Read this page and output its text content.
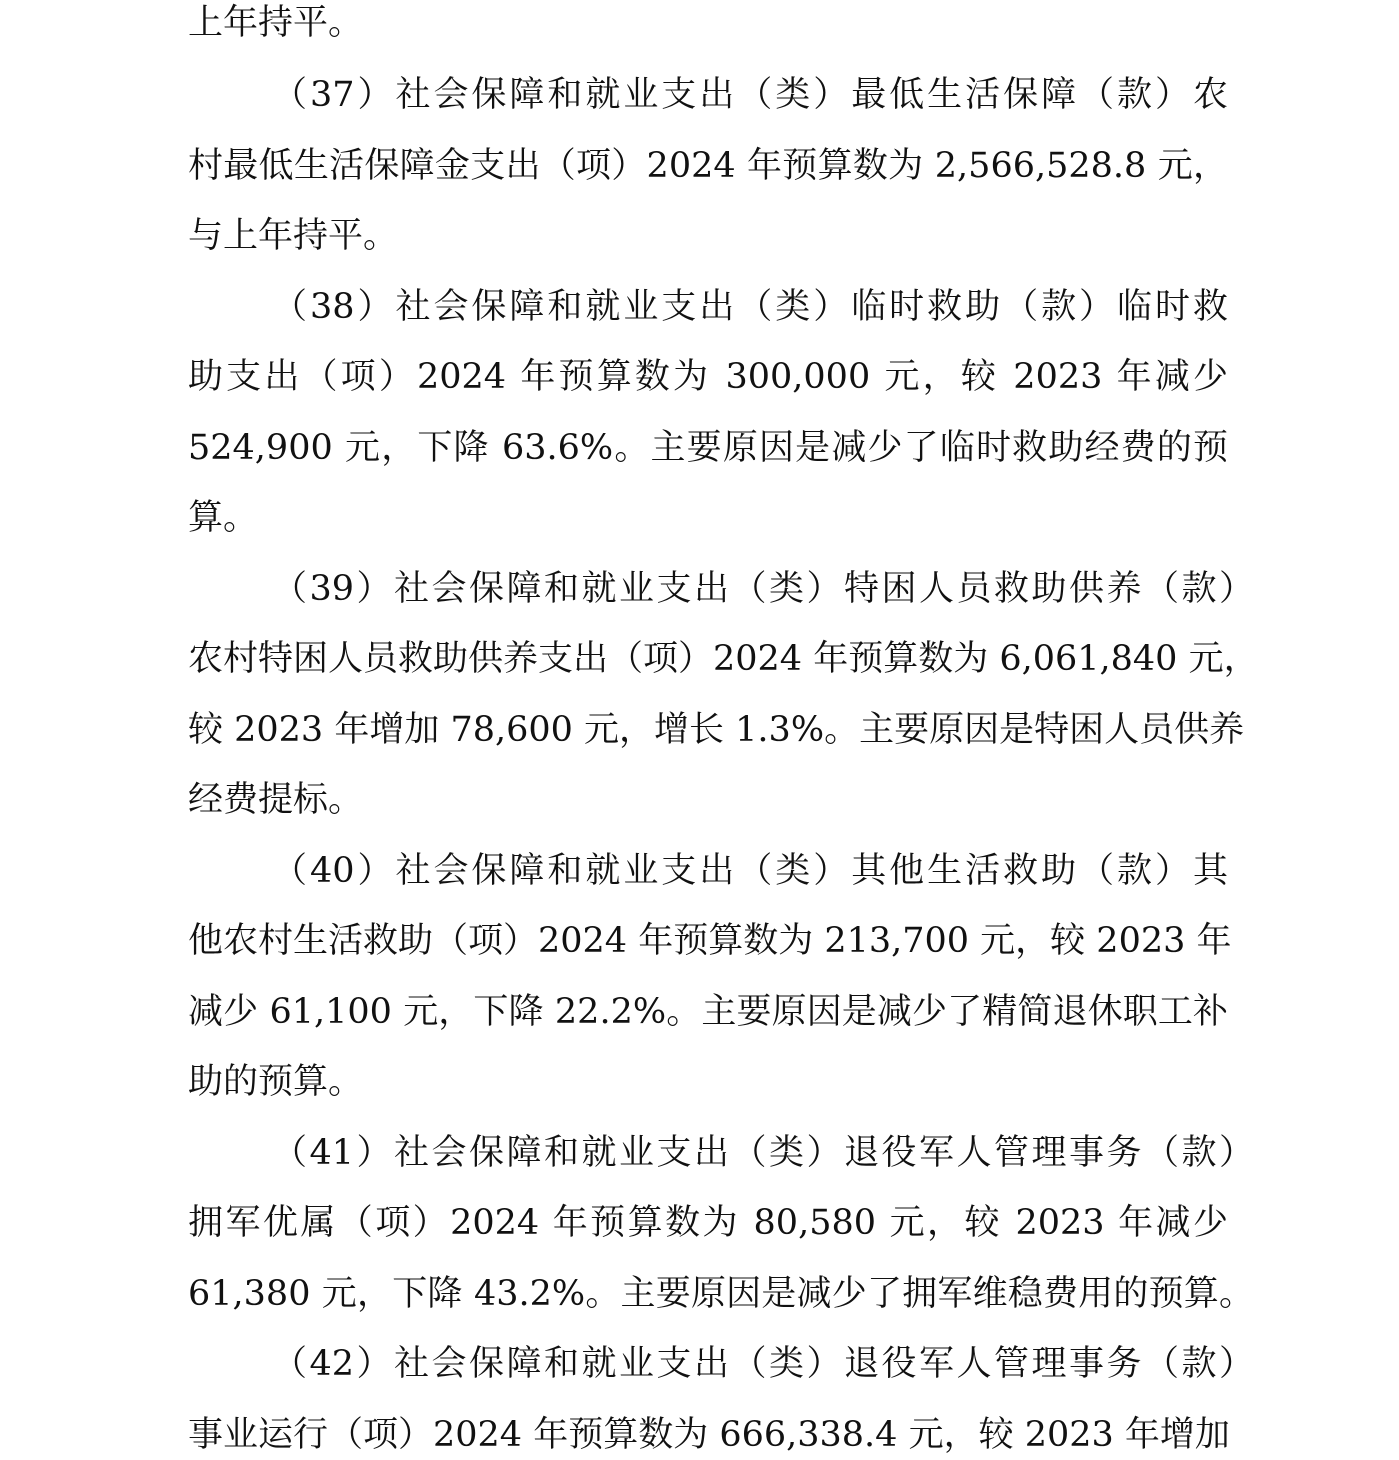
上年持平。
（37）社会保障和就业支出（类）最低生活保障（款）农
村最低生活保障金支出（项）2024 年预算数为 2,566,528.8 元，
与上年持平。
（38）社会保障和就业支出（类）临时救助（款）临时救
助支出（项）2024 年预算数为 300,000 元，较 2023 年减少
524,900 元，下降 63.6%。主要原因是减少了临时救助经费的预
算。
（39）社会保障和就业支出（类）特困人员救助供养（款）
农村特困人员救助供养支出（项）2024 年预算数为 6,061,840 元，
较 2023 年增加 78,600 元，增长 1.3%。主要原因是特困人员供养
经费提标。
（40）社会保障和就业支出（类）其他生活救助（款）其
他农村生活救助（项）2024 年预算数为 213,700 元，较 2023 年
减少 61,100 元，下降 22.2%。主要原因是减少了精简退休职工补
助的预算。
（41）社会保障和就业支出（类）退役军人管理事务（款）
拥军优属（项）2024 年预算数为 80,580 元，较 2023 年减少
61,380 元，下降 43.2%。主要原因是减少了拥军维稳费用的预算。
（42）社会保障和就业支出（类）退役军人管理事务（款）
事业运行（项）2024 年预算数为 666,338.4 元，较 2023 年增加
